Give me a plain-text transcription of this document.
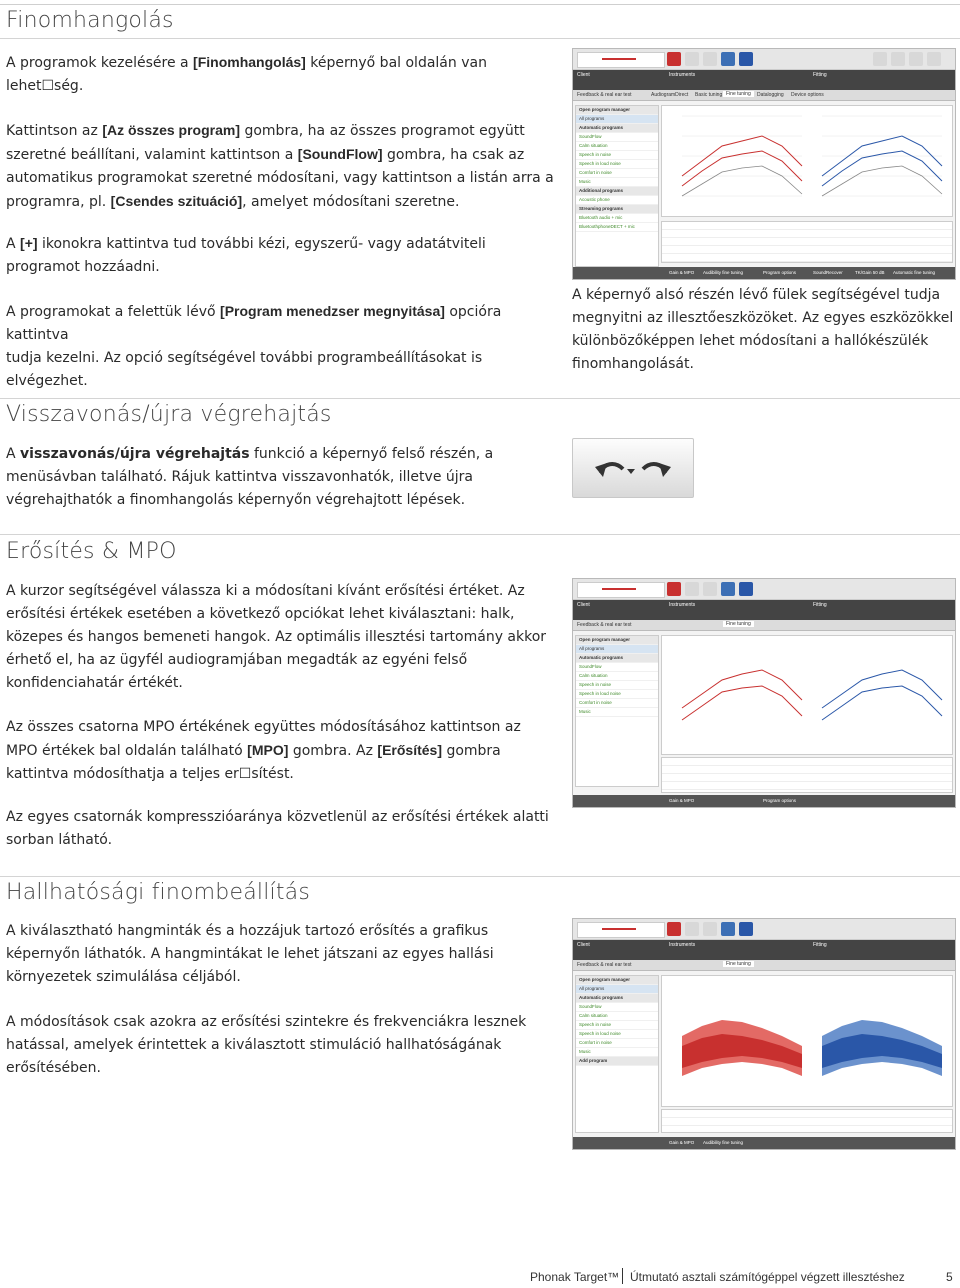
Finomhangolás
A programok kezelésére a [Finomhangolás] képernyő bal oldalán van lehet☐ség.
Kattintson az [Az összes program] gombra, ha az összes programot együtt szeretné beállítani, valamint kattintson a [SoundFlow] gombra, ha csak az automatikus programokat szeretné módosítani, vagy kattintson a listán arra a programra, pl. [Csendes szituáció], amelyet módosítani szeretne.
A [+] ikonokra kattintva tud további kézi, egyszerű- vagy adatátviteli programot hozzáadni.
A programokat a felettük lévő [Program menedzser megnyitása] opcióra kattintva
tudja kezelni. Az opció segítségével további programbeállításokat is elvégezhet.
A képernyő alsó részén lévő fülek segítségével tudja megnyitni az illesztőeszközöket. Az egyes eszközökkel különbözőképpen lehet módosítani a hallókészülék finomhangolását.
Client	Instruments	Fitting
Feedback & real ear test	AudiogramDirect Basic tuning Fine tuning	Datalogging Device options
Open program manager
All programs
Automatic programs
SoundFlow
Calm situation
Speech in noise
Speech in loud noise
Comfort in noise
Music
Additional programs
Acoustic phone
Streaming programs
Bluetooth audio + mic
BluetoothphoneDECT + mic
Gain & MPO Audibility fine tuning	Program options	SoundRecover	TK/Gain 50 dB Automatic fine tuning
Visszavonás/újra végrehajtás
A visszavonás/újra végrehajtás funkció a képernyő felső részén, a menüsávban található. Rájuk kattintva visszavonhatók, illetve újra végrehajthatók a finomhangolás képernyőn végrehajtott lépések.
Erősítés & MPO
A kurzor segítségével válassza ki a módosítani kívánt erősítési értéket. Az erősítési értékek esetében a következő opciókat lehet kiválasztani: halk, közepes és hangos bemeneti hangok. Az optimális illesztési tartomány akkor érhető el, ha az ügyfél audiogramjában megadták az egyéni felső konfidenciahatár értékét.
Az összes csatorna MPO értékének együttes módosításához kattintson az MPO értékek bal oldalán található [MPO] gombra. Az [Erősítés] gombra kattintva módosíthatja a teljes er☐sítést.
Az egyes csatornák kompresszióaránya közvetlenül az erősítési értékek alatti sorban látható.
Client	Instruments	Fitting
Feedback & real ear test	Fine tuning
Open program manager
All programs
Automatic programs
SoundFlow
Calm situation
Speech in noise
Speech in loud noise
Comfort in noise
Music
Gain & MPO	Program options
Hallhatósági finombeállítás
A kiválasztható hangminták és a hozzájuk tartozó erősítés a grafikus képernyőn láthatók. A hangmintákat le lehet játszani az egyes hallási környezetek szimulálása céljából.
A módosítások csak azokra az erősítési szintekre és frekvenciákra lesznek hatással, amelyek érintettek a kiválasztott stimuláció hallhatóságának erősítésében.
Client	Instruments	Fitting
Feedback & real ear test	Fine tuning
Open program manager
All programs
Automatic programs
SoundFlow
Calm situation
Speech in noise
Speech in loud noise
Comfort in noise
Music
Add program
Gain & MPO Audibility fine tuning
Phonak Target™ Útmutató asztali számítógéppel végzett illesztéshez	5
